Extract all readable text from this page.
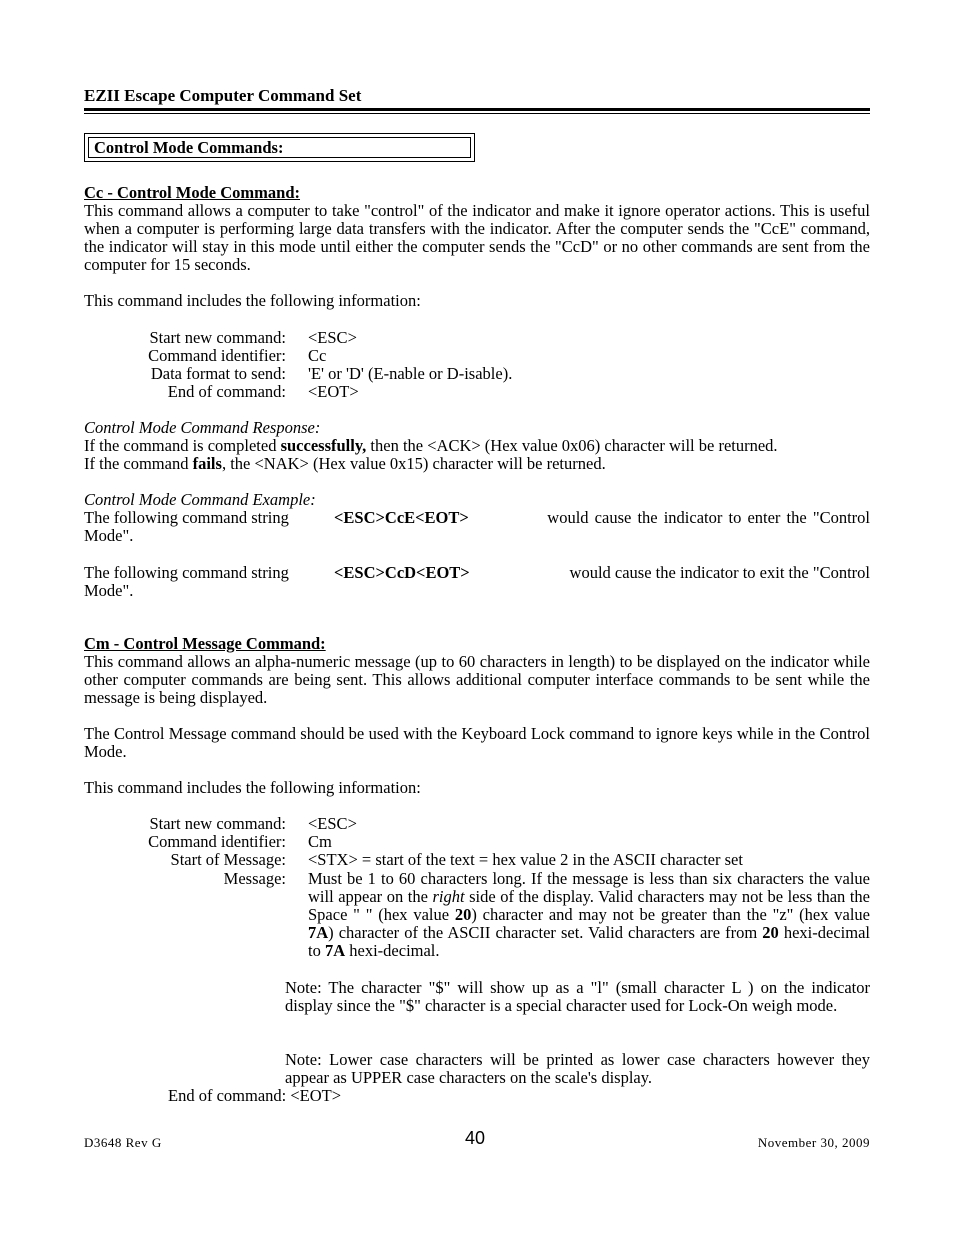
EZII Escape Computer Command Set
Control Mode Commands:
Cc - Control Mode Command:

This command allows a computer to take "control" of the indicator and make it ignore operator actions. This is useful when a computer is performing large data transfers with the indicator. After the computer sends the "CcE" command, the indicator will stay in this mode until either the computer sends the "CcD" or no other commands are sent from the computer for 15 seconds.

This command includes the following information:
Start new command: <ESC>
Command identifier: Cc
Data format to send: 'E' or 'D' (E-nable or D-isable).
End of command: <EOT>
Control Mode Command Response:
If the command is completed successfully, then the <ACK> (Hex value 0x06) character will be returned.
If the command fails, the <NAK> (Hex value 0x15) character will be returned.
Control Mode Command Example:
The following command string	<ESC>CcE<EOT>	would cause the indicator to enter the "Control
Mode".
The following command string	<ESC>CcD<EOT>	would cause the indicator to exit the "Control
Mode".
Cm - Control Message Command:

This command allows an alpha-numeric message (up to 60 characters in length) to be displayed on the indicator while other computer commands are being sent. This allows additional computer interface commands to be sent while the message is being displayed.

The Control Message command should be used with the Keyboard Lock command to ignore keys while in the Control Mode.

This command includes the following information:
Start new command: <ESC>
Command identifier: Cm
Start of Message: <STX> = start of the text = hex value 2 in the ASCII character set
Message: Must be 1 to 60 characters long. If the message is less than six characters the value will appear on the right side of the display. Valid characters may not be less than the Space " " (hex value 20) character and may not be greater than the "z" (hex value 7A) character of the ASCII character set. Valid characters are from 20 hexi-decimal to 7A hexi-decimal.

Note: The character "$" will show up as a "l" (small character L ) on the indicator display since the "$" character is a special character used for Lock-On weigh mode.

Note: Lower case characters will be printed as lower case characters however they appear as UPPER case characters on the scale's display.

End of command: <EOT>
D3648 Rev G	40	November 30, 2009
